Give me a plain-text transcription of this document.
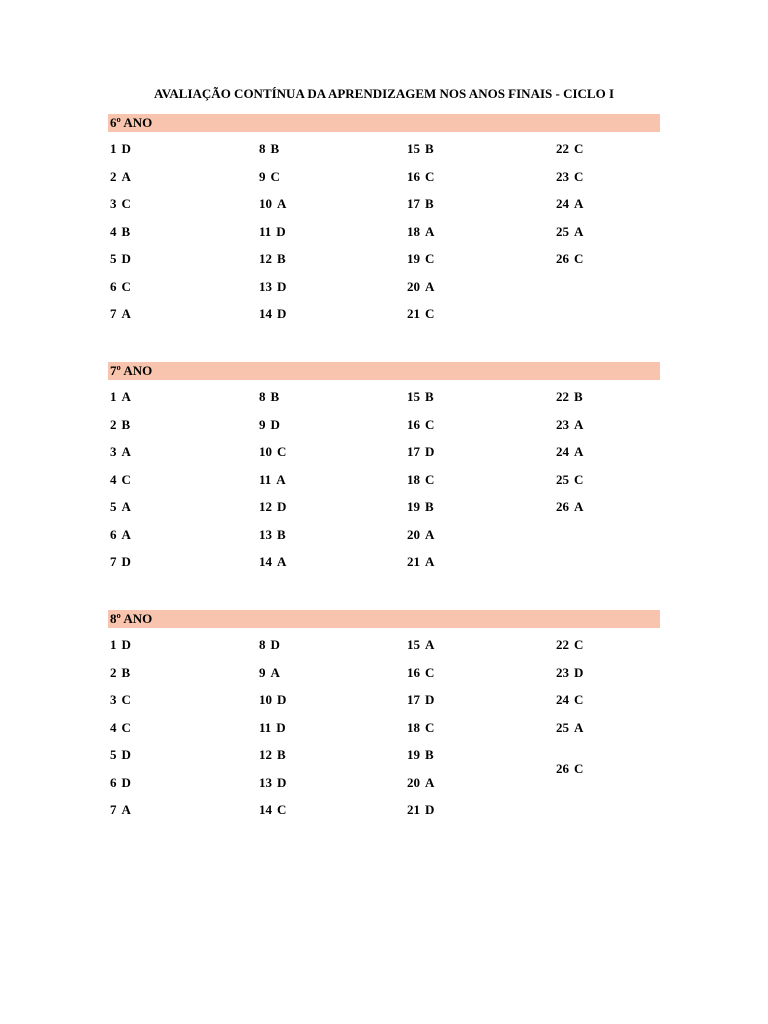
AVALIAÇÃO CONTÍNUA DA APRENDIZAGEM NOS ANOS FINAIS - CICLO I
6º ANO
1 D
2 A
3 C
4 B
5 D
6 C
7 A
8 B
9 C
10 A
11 D
12 B
13 D
14 D
15 B
16 C
17 B
18 A
19 C
20 A
21 C
22 C
23 C
24 A
25 A
26 C
7º ANO
1 A
2 B
3 A
4 C
5 A
6 A
7 D
8 B
9 D
10 C
11 A
12 D
13 B
14 A
15 B
16 C
17 D
18 C
19 B
20 A
21 A
22 B
23 A
24 A
25 C
26 A
8º ANO
1 D
2 B
3 C
4 C
5 D
6 D
7 A
8 D
9 A
10 D
11 D
12 B
13 D
14 C
15 A
16 C
17 D
18 C
19 B
20 A
21 D
22 C
23 D
24 C
25 A
26 C
